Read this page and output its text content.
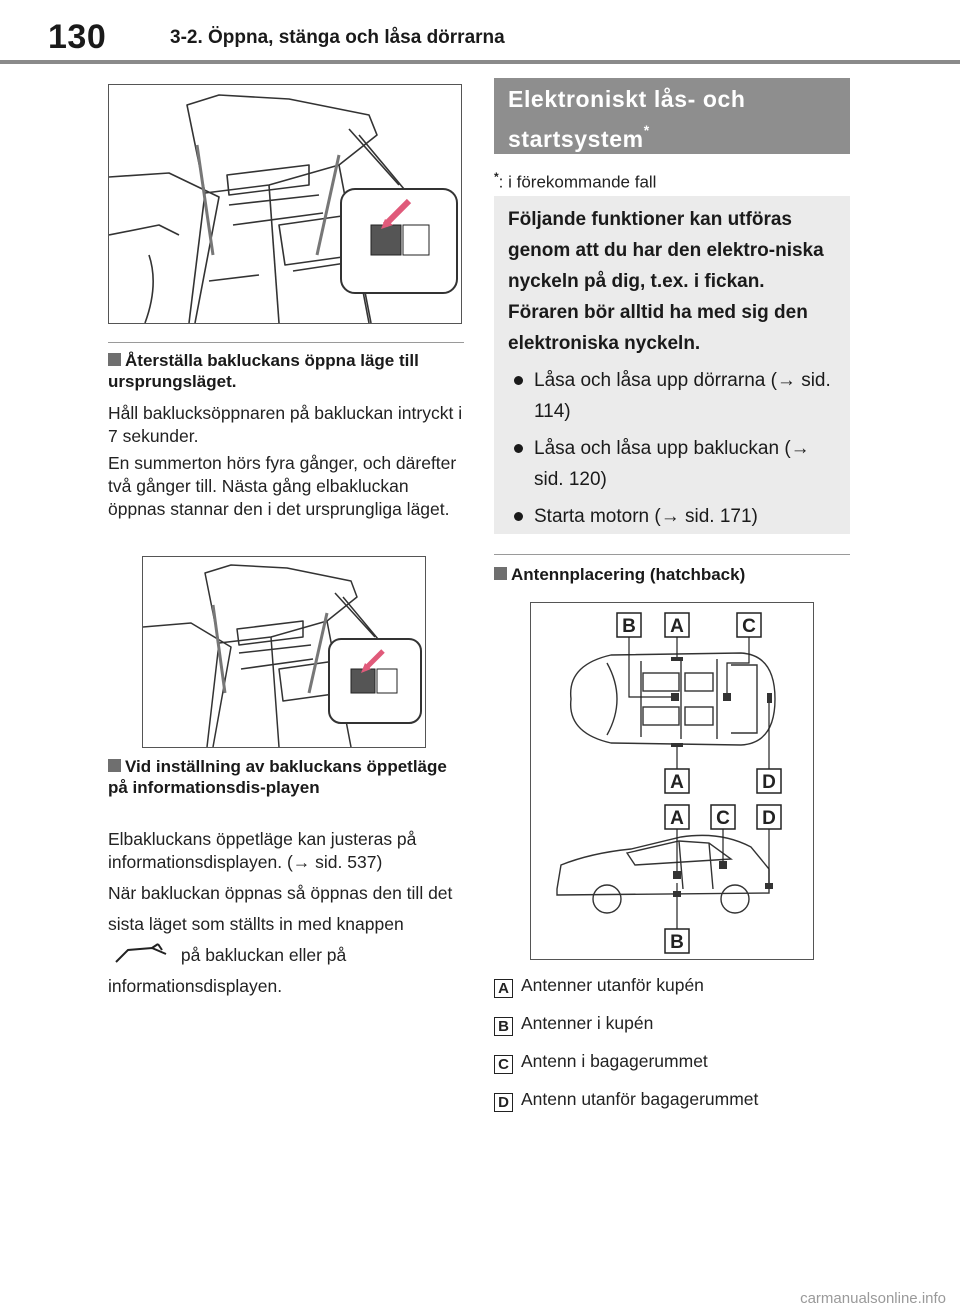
130	3-2. Öppna, stänga och låsa dörrarna
Återställa bakluckans öppna läge till ursprungsläget.
Håll baklucksöppnaren på bakluckan intryckt i 7 sekunder.
En summerton hörs fyra gånger, och därefter två gånger till. Nästa gång elbakluckan öppnas stannar den i det ursprungliga läget.
Vid inställning av bakluckans öppetläge på informationsdis-playen
Elbakluckans öppetläge kan justeras på informationsdisplayen. (→ sid. 537)
När bakluckan öppnas så öppnas den till det sista läget som ställts in med knappen  på bakluckan eller på informationsdisplayen.
Elektroniskt lås- och
startsystem*
*: i förekommande fall
Följande funktioner kan utföras genom att du har den elektro-niska nyckeln på dig, t.ex. i fickan. Föraren bör alltid ha med sig den elektroniska nyckeln.
Låsa och låsa upp dörrarna (→ sid. 114)
Låsa och låsa upp bakluckan (→ sid. 120)
Starta motorn (→ sid. 171)
Antennplacering (hatchback)
B A	C
A	D
A C D
B
A Antenner utanför kupén
B Antenner i kupén
C Antenn i bagagerummet
D Antenn utanför bagagerummet
carmanualsonline.info
